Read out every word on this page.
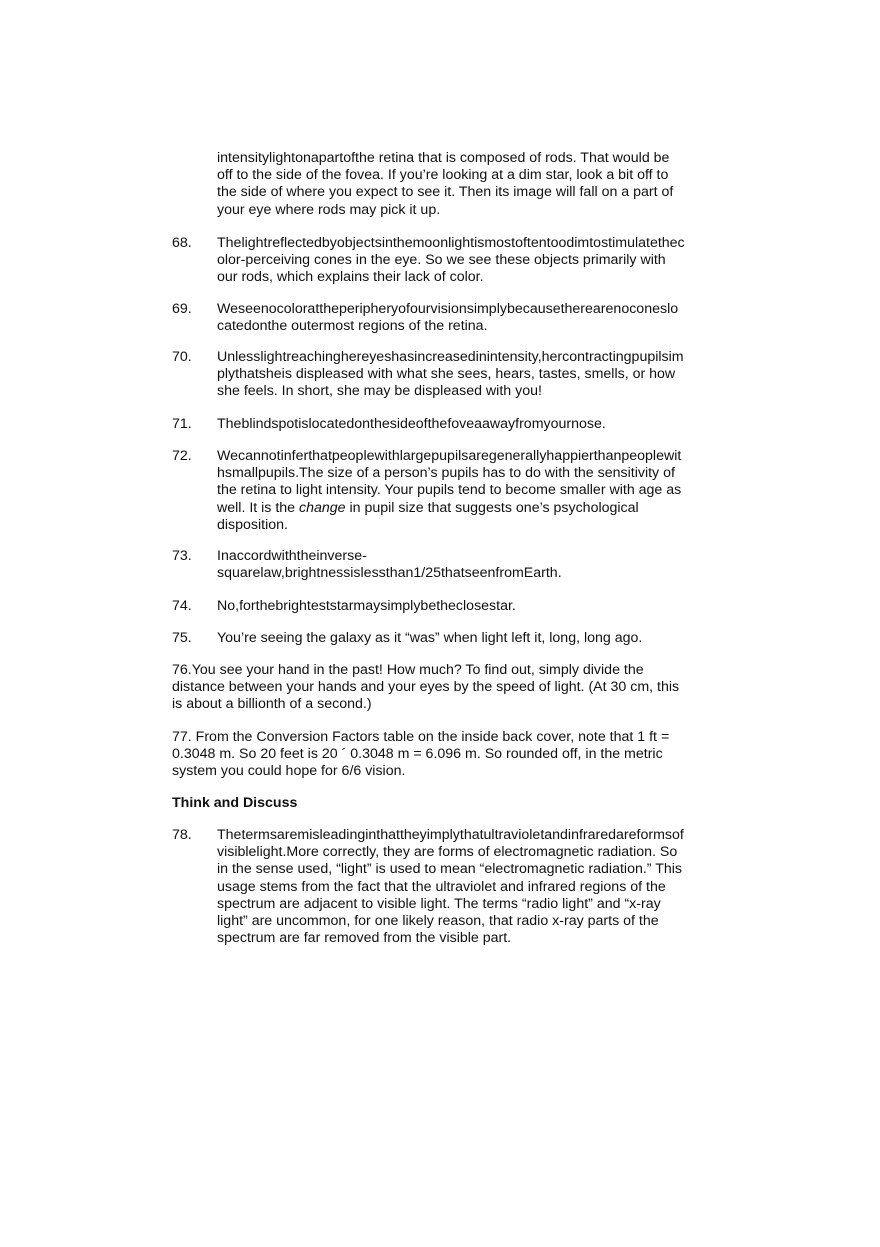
intensitylightonapartofthe retina that is composed of rods. That would be
off to the side of the fovea. If you’re looking at a dim star, look a bit off to
the side of where you expect to see it. Then its image will fall on a part of
your eye where rods may pick it up.
68.	Thelightreflectedbyobjectsinthemoonlightismostoftentoodimtostimulatethec
olor-perceiving cones in the eye. So we see these objects primarily with
our rods, which explains their lack of color.
69.	Weseenocolorattheperipheryofourvisionsimplybecausetherearenoconeslo
catedonthe outermost regions of the retina.
70.	Unlesslightreachinghereyeshasincreasedinintensity,hercontractingpupilsim
plythatsheis displeased with what she sees, hears, tastes, smells, or how
she feels. In short, she may be displeased with you!
71.	Theblindspotislocatedonthesideofthefoveaawayfromyournose.
72.	Wecannotinferthatpeoplewithlargepupilsaregenerallyhappierthanpeoplewit
hsmallpupils.The size of a person’s pupils has to do with the sensitivity of
the retina to light intensity. Your pupils tend to become smaller with age as
well. It is the change in pupil size that suggests one’s psychological
disposition.
73.	Inaccordwiththeinverse-
squarelaw,brightnessislessthan1/25thatseenfromEarth.
74.	No,forthebrighteststarmaysimplybetheclosestar.
75.	You’re seeing the galaxy as it “was” when light left it, long, long ago.
76.You see your hand in the past! How much? To find out, simply divide the
distance between your hands and your eyes by the speed of light. (At 30 cm, this
is about a billionth of a second.)
77. From the Conversion Factors table on the inside back cover, note that 1 ft =
0.3048 m. So 20 feet is 20 ´ 0.3048 m = 6.096 m. So rounded off, in the metric
system you could hope for 6/6 vision.
Think and Discuss
78.	Thetermsaremisleadinginthattheyimplythatultravioletandinfraredareformsof
visiblelight.More correctly, they are forms of electromagnetic radiation. So
in the sense used, “light” is used to mean “electromagnetic radiation.” This
usage stems from the fact that the ultraviolet and infrared regions of the
spectrum are adjacent to visible light. The terms “radio light” and “x-ray
light” are uncommon, for one likely reason, that radio x-ray parts of the
spectrum are far removed from the visible part.
